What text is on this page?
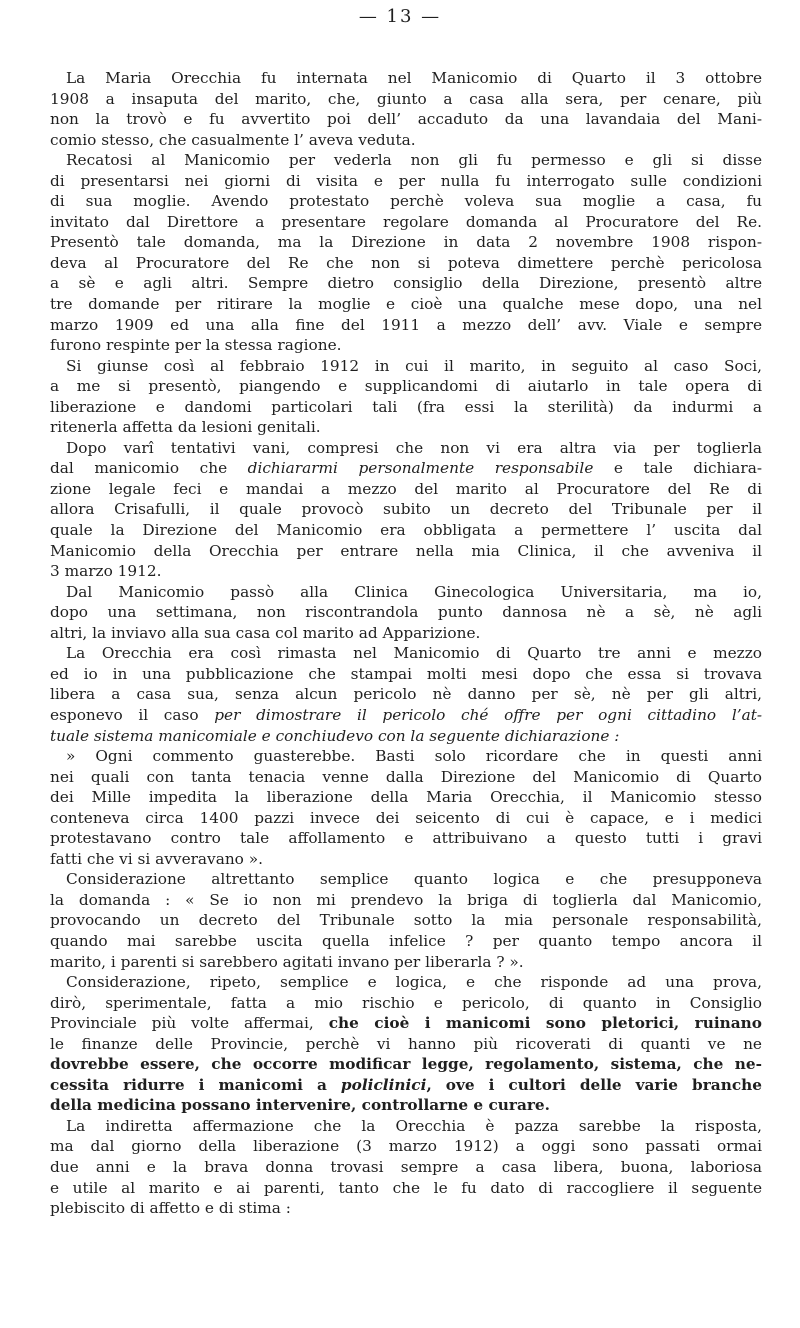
— 13 —
La Maria Orecchia fu internata nel Manicomio di Quarto il 3 ottobre
1908 a insaputa del marito, che, giunto a casa alla sera, per cenare, più
non la trovò e fu avvertito poi dell’ accaduto da una lavandaia del Mani-
comio stesso, che casualmente l’ aveva veduta.
Recatosi al Manicomio per vederla non gli fu permesso e gli si disse
di presentarsi nei giorni di visita e per nulla fu interrogato sulle condizioni
di sua moglie. Avendo protestato perchè voleva sua moglie a casa, fu
invitato dal Direttore a presentare regolare domanda al Procuratore del Re.
Presentò tale domanda, ma la Direzione in data 2 novembre 1908 rispon-
deva al Procuratore del Re che non si poteva dimettere perchè pericolosa
a sè e agli altri. Sempre dietro consiglio della Direzione, presentò altre
tre domande per ritirare la moglie e cioè una qualche mese dopo, una nel
marzo 1909 ed una alla fine del 1911 a mezzo dell’ avv. Viale e sempre
furono respinte per la stessa ragione.
Si giunse così al febbraio 1912 in cui il marito, in seguito al caso Soci,
a me si presentò, piangendo e supplicandomi di aiutarlo in tale opera di
liberazione e dandomi particolari tali (fra essi la sterilità) da indurmi a
ritenerla affetta da lesioni genitali.
Dopo varî tentativi vani, compresi che non vi era altra via per toglierla
dal manicomio che dichiararmi personalmente responsabile e tale dichiara-
zione legale feci e mandai a mezzo del marito al Procuratore del Re di
allora Crisafulli, il quale provocò subito un decreto del Tribunale per il
quale la Direzione del Manicomio era obbligata a permettere l’ uscita dal
Manicomio della Orecchia per entrare nella mia Clinica, il che avveniva il
3 marzo 1912.
Dal Manicomio passò alla Clinica Ginecologica Universitaria, ma io,
dopo una settimana, non riscontrandola punto dannosa nè a sè, nè agli
altri, la inviavo alla sua casa col marito ad Apparizione.
La Orecchia era così rimasta nel Manicomio di Quarto tre anni e mezzo
ed io in una pubblicazione che stampai molti mesi dopo che essa si trovava
libera a casa sua, senza alcun pericolo nè danno per sè, nè per gli altri,
esponevo il caso per dimostrare il pericolo ché offre per ogni cittadino l’at-
tuale sistema manicomiale e conchiudevo con la seguente dichiarazione :
» Ogni commento guasterebbe. Basti solo ricordare che in questi anni
nei quali con tanta tenacia venne dalla Direzione del Manicomio di Quarto
dei Mille impedita la liberazione della Maria Orecchia, il Manicomio stesso
conteneva circa 1400 pazzi invece dei seicento di cui è capace, e i medici
protestavano contro tale affollamento e attribuivano a questo tutti i gravi
fatti che vi si avveravano ».
Considerazione altrettanto semplice quanto logica e che presupponeva
la domanda : « Se io non mi prendevo la briga di toglierla dal Manicomio,
provocando un decreto del Tribunale sotto la mia personale responsabilità,
quando mai sarebbe uscita quella infelice ? per quanto tempo ancora il
marito, i parenti si sarebbero agitati invano per liberarla ? ».
Considerazione, ripeto, semplice e logica, e che risponde ad una prova,
dirò, sperimentale, fatta a mio rischio e pericolo, di quanto in Consiglio
Provinciale più volte affermai, che cioè i manicomi sono pletorici, ruinano
le finanze delle Provincie, perchè vi hanno più ricoverati di quanti ve ne
dovrebbe essere, che occorre modificar legge, regolamento, sistema, che ne-
cessita ridurre i manicomi a policlinici, ove i cultori delle varie branche
della medicina possano intervenire, controllarne e curare.
La indiretta affermazione che la Orecchia è pazza sarebbe la risposta,
ma dal giorno della liberazione (3 marzo 1912) a oggi sono passati ormai
due anni e la brava donna trovasi sempre a casa libera, buona, laboriosa
e utile al marito e ai parenti, tanto che le fu dato di raccogliere il seguente
plebiscito di affetto e di stima :
